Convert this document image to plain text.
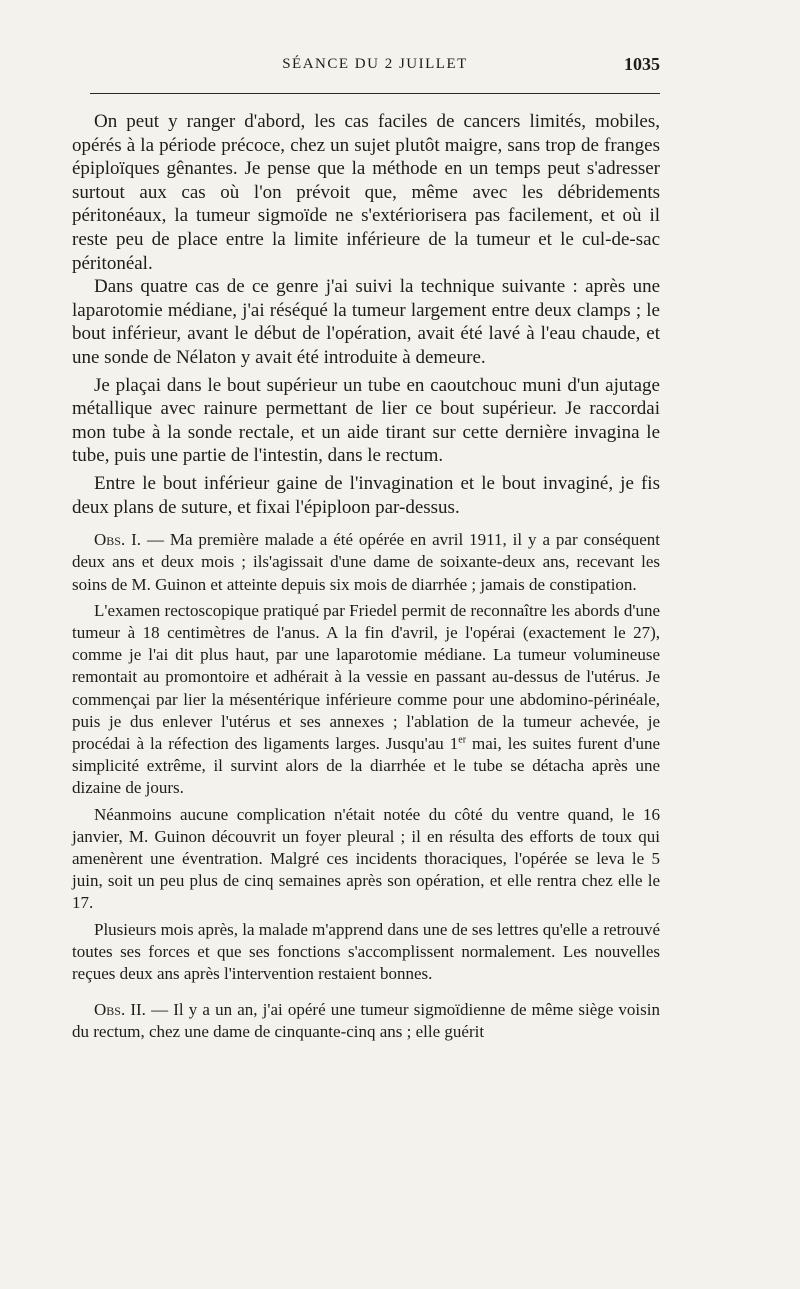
SÉANCE DU 2 JUILLET	1035

On peut y ranger d'abord, les cas faciles de cancers limités, mobiles, opérés à la période précoce, chez un sujet plutôt maigre, sans trop de franges épiploïques gênantes. Je pense que la méthode en un temps peut s'adresser surtout aux cas où l'on prévoit que, même avec les débridements péritonéaux, la tumeur sigmoïde ne s'extériorisera pas facilement, et où il reste peu de place entre la limite inférieure de la tumeur et le cul-de-sac péritonéal.

Dans quatre cas de ce genre j'ai suivi la technique suivante : après une laparotomie médiane, j'ai réséqué la tumeur largement entre deux clamps ; le bout inférieur, avant le début de l'opération, avait été lavé à l'eau chaude, et une sonde de Nélaton y avait été introduite à demeure.

Je plaçai dans le bout supérieur un tube en caoutchouc muni d'un ajutage métallique avec rainure permettant de lier ce bout supérieur. Je raccordai mon tube à la sonde rectale, et un aide tirant sur cette dernière invagina le tube, puis une partie de l'intestin, dans le rectum.

Entre le bout inférieur gaine de l'invagination et le bout invaginé, je fis deux plans de suture, et fixai l'épiploon par-dessus.

Obs. I. — Ma première malade a été opérée en avril 1911, il y a par conséquent deux ans et deux mois ; ils'agissait d'une dame de soixante-deux ans, recevant les soins de M. Guinon et atteinte depuis six mois de diarrhée ; jamais de constipation.

L'examen rectoscopique pratiqué par Friedel permit de reconnaître les abords d'une tumeur à 18 centimètres de l'anus. A la fin d'avril, je l'opérai (exactement le 27), comme je l'ai dit plus haut, par une laparotomie médiane. La tumeur volumineuse remontait au promontoire et adhérait à la vessie en passant au-dessus de l'utérus. Je commençai par lier la mésentérique inférieure comme pour une abdomino-périnéale, puis je dus enlever l'utérus et ses annexes ; l'ablation de la tumeur achevée, je procédai à la réfection des ligaments larges. Jusqu'au 1er mai, les suites furent d'une simplicité extrême, il survint alors de la diarrhée et le tube se détacha après une dizaine de jours.

Néanmoins aucune complication n'était notée du côté du ventre quand, le 16 janvier, M. Guinon découvrit un foyer pleural ; il en résulta des efforts de toux qui amenèrent une éventration. Malgré ces incidents thoraciques, l'opérée se leva le 5 juin, soit un peu plus de cinq semaines après son opération, et elle rentra chez elle le 17.

Plusieurs mois après, la malade m'apprend dans une de ses lettres qu'elle a retrouvé toutes ses forces et que ses fonctions s'accomplissent normalement. Les nouvelles reçues deux ans après l'intervention restaient bonnes.

Obs. II. — Il y a un an, j'ai opéré une tumeur sigmoïdienne de même siège voisin du rectum, chez une dame de cinquante-cinq ans ; elle guérit
